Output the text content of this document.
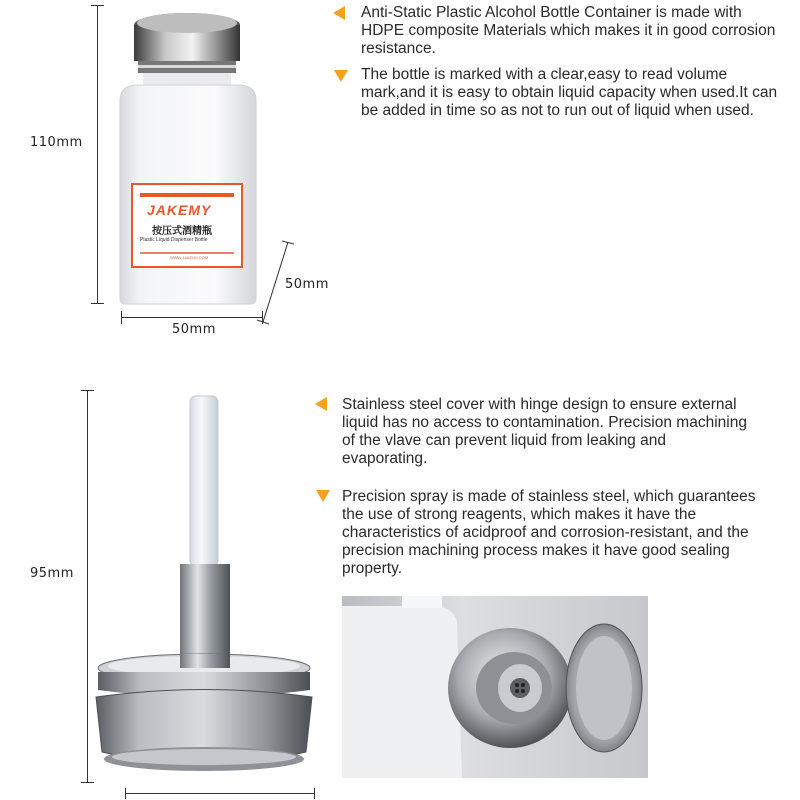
110mm
50mm
50mm
JAKEMY
按压式酒精瓶
Plastic Liquid Dispenser Bottle
WWW.JAKEMY.COM
Anti-Static Plastic Alcohol Bottle Container is made with HDPE composite Materials which makes it in good corrosion resistance.
The bottle is marked with a clear,easy to read volume mark,and it is easy to obtain liquid capacity when used.It can be added in time so as not to run out of liquid when used.
95mm
Stainless steel cover with hinge design to ensure external liquid has no access to contamination. Precision machining of the vlave can prevent liquid from leaking and evaporating.
Precision spray is made of stainless steel, which guarantees the use of strong reagents, which makes it have the characteristics of acidproof and corrosion-resistant, and the precision machining process makes it have good sealing property.
